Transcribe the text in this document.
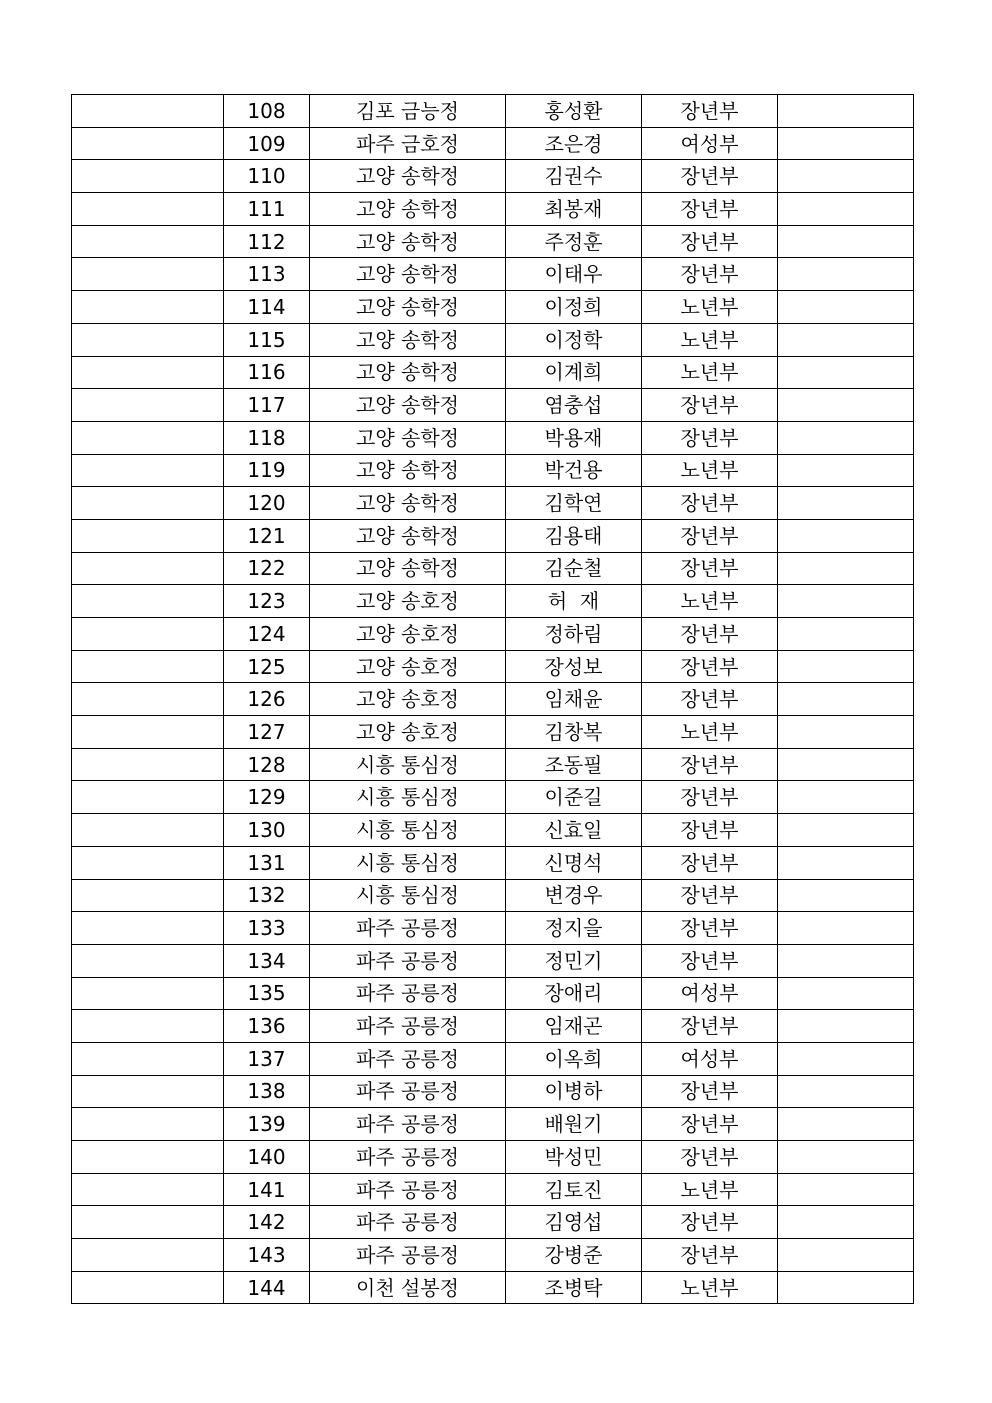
	108	김포 금능정	홍성환	장년부	
	109	파주 금호정	조은경	여성부	
	110	고양 송학정	김권수	장년부	
	111	고양 송학정	최봉재	장년부	
	112	고양 송학정	주정훈	장년부	
	113	고양 송학정	이태우	장년부	
	114	고양 송학정	이정희	노년부	
	115	고양 송학정	이정학	노년부	
	116	고양 송학정	이계희	노년부	
	117	고양 송학정	염충섭	장년부	
	118	고양 송학정	박용재	장년부	
	119	고양 송학정	박건용	노년부	
	120	고양 송학정	김학연	장년부	
	121	고양 송학정	김용태	장년부	
	122	고양 송학정	김순철	장년부	
	123	고양 송호정	허  재	노년부	
	124	고양 송호정	정하림	장년부	
	125	고양 송호정	장성보	장년부	
	126	고양 송호정	임채윤	장년부	
	127	고양 송호정	김창복	노년부	
	128	시흥 통심정	조동필	장년부	
	129	시흥 통심정	이준길	장년부	
	130	시흥 통심정	신효일	장년부	
	131	시흥 통심정	신명석	장년부	
	132	시흥 통심정	변경우	장년부	
	133	파주 공릉정	정지을	장년부	
	134	파주 공릉정	정민기	장년부	
	135	파주 공릉정	장애리	여성부	
	136	파주 공릉정	임재곤	장년부	
	137	파주 공릉정	이옥희	여성부	
	138	파주 공릉정	이병하	장년부	
	139	파주 공릉정	배원기	장년부	
	140	파주 공릉정	박성민	장년부	
	141	파주 공릉정	김토진	노년부	
	142	파주 공릉정	김영섭	장년부	
	143	파주 공릉정	강병준	장년부	
	144	이천 설봉정	조병탁	노년부	
